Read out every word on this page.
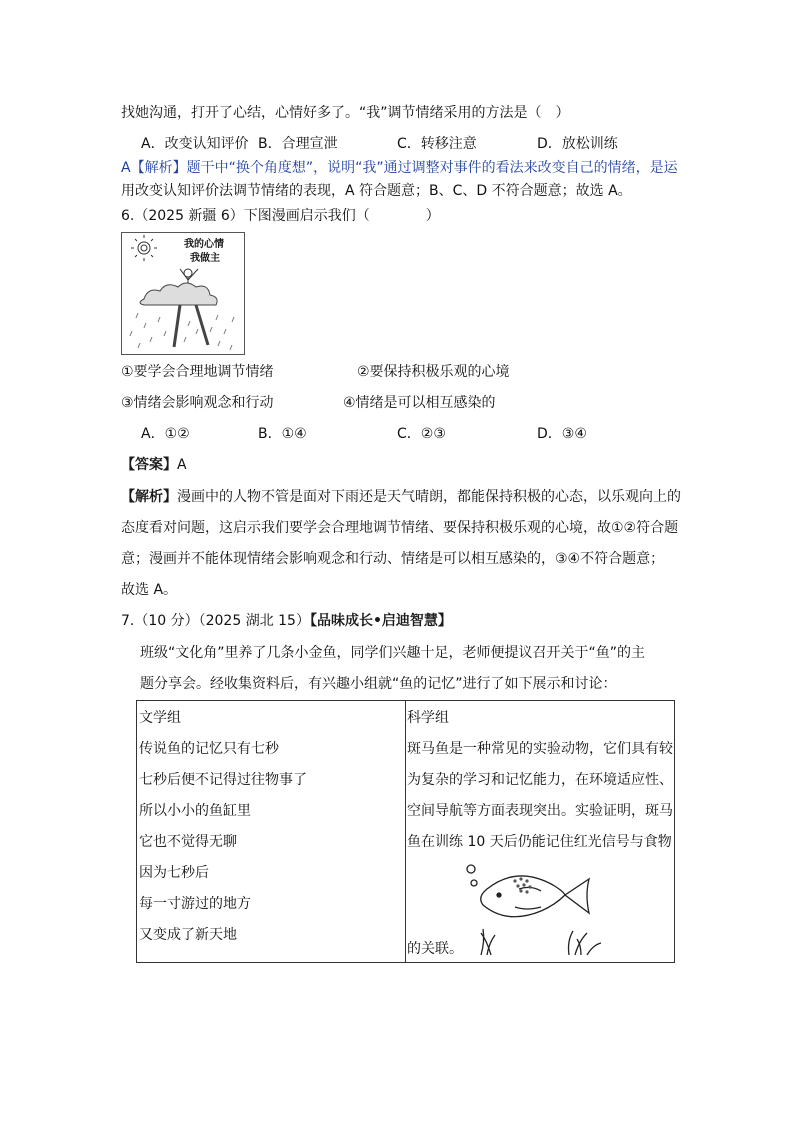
找她沟通，打开了心结，心情好多了。“我”调节情绪采用的方法是（　）
A．改变认知评价 B．合理宣泄	C．转移注意	D．放松训练
A【解析】题干中“换个角度想”，说明“我”通过调整对事件的看法来改变自己的情绪，是运
用改变认知评价法调节情绪的表现，A 符合题意；B、C、D 不符合题意；故选 A。
6.（2025 新疆 6）下图漫画启示我们（　　　　）
我的心情
我做主
①要学会合理地调节情绪	②要保持积极乐观的心境
③情绪会影响观念和行动	④情绪是可以相互感染的
A．①②	B．①④	C．②③	D．③④
【答案】A
【解析】漫画中的人物不管是面对下雨还是天气晴朗，都能保持积极的心态，以乐观向上的
态度看对问题，这启示我们要学会合理地调节情绪、要保持积极乐观的心境，故①②符合题
意；漫画并不能体现情绪会影响观念和行动、情绪是可以相互感染的，③④不符合题意；
故选 A。
7.（10 分）（2025 湖北 15）【品味成长•启迪智慧】
班级“文化角”里养了几条小金鱼，同学们兴趣十足，老师便提议召开关于“鱼”的主
题分享会。经收集资料后，有兴趣小组就“鱼的记忆”进行了如下展示和讨论：
文学组
传说鱼的记忆只有七秒
七秒后便不记得过往物事了
所以小小的鱼缸里
它也不觉得无聊
因为七秒后
每一寸游过的地方
又变成了新天地
科学组
斑马鱼是一种常见的实验动物，它们具有较
为复杂的学习和记忆能力，在环境适应性、
空间导航等方面表现突出。实验证明，斑马
鱼在训练 10 天后仍能记住红光信号与食物
的关联。
